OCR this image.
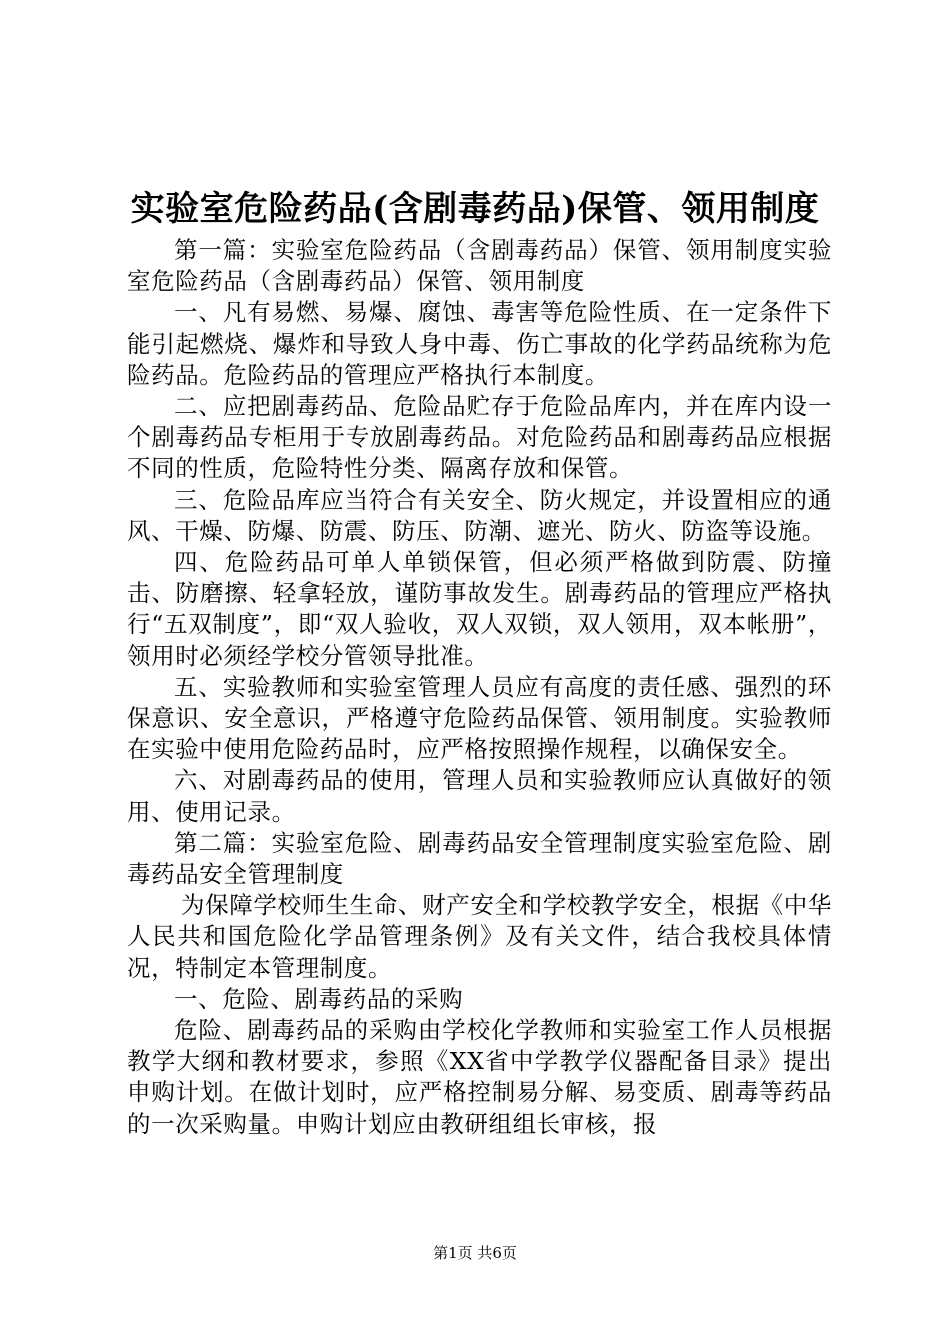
实验室危险药品(含剧毒药品)保管、领用制度

第一篇：实验室危险药品（含剧毒药品）保管、领用制度实验室危险药品（含剧毒药品）保管、领用制度

一、凡有易燃、易爆、腐蚀、毒害等危险性质、在一定条件下能引起燃烧、爆炸和导致人身中毒、伤亡事故的化学药品统称为危险药品。危险药品的管理应严格执行本制度。

二、应把剧毒药品、危险品贮存于危险品库内，并在库内设一个剧毒药品专柜用于专放剧毒药品。对危险药品和剧毒药品应根据不同的性质，危险特性分类、隔离存放和保管。

三、危险品库应当符合有关安全、防火规定，并设置相应的通风、干燥、防爆、防震、防压、防潮、遮光、防火、防盗等设施。

四、危险药品可单人单锁保管，但必须严格做到防震、防撞击、防磨擦、轻拿轻放，谨防事故发生。剧毒药品的管理应严格执行“五双制度”，即“双人验收，双人双锁，双人领用，双本帐册”，领用时必须经学校分管领导批准。

五、实验教师和实验室管理人员应有高度的责任感、强烈的环保意识、安全意识，严格遵守危险药品保管、领用制度。实验教师在实验中使用危险药品时，应严格按照操作规程，以确保安全。

六、对剧毒药品的使用，管理人员和实验教师应认真做好的领用、使用记录。

第二篇：实验室危险、剧毒药品安全管理制度实验室危险、剧毒药品安全管理制度

为保障学校师生生命、财产安全和学校教学安全，根据《中华人民共和国危险化学品管理条例》及有关文件，结合我校具体情况，特制定本管理制度。

一、危险、剧毒药品的采购

危险、剧毒药品的采购由学校化学教师和实验室工作人员根据教学大纲和教材要求，参照《XX省中学教学仪器配备目录》提出申购计划。在做计划时，应严格控制易分解、易变质、剧毒等药品的一次采购量。申购计划应由教研组组长审核，报

第1页 共6页
